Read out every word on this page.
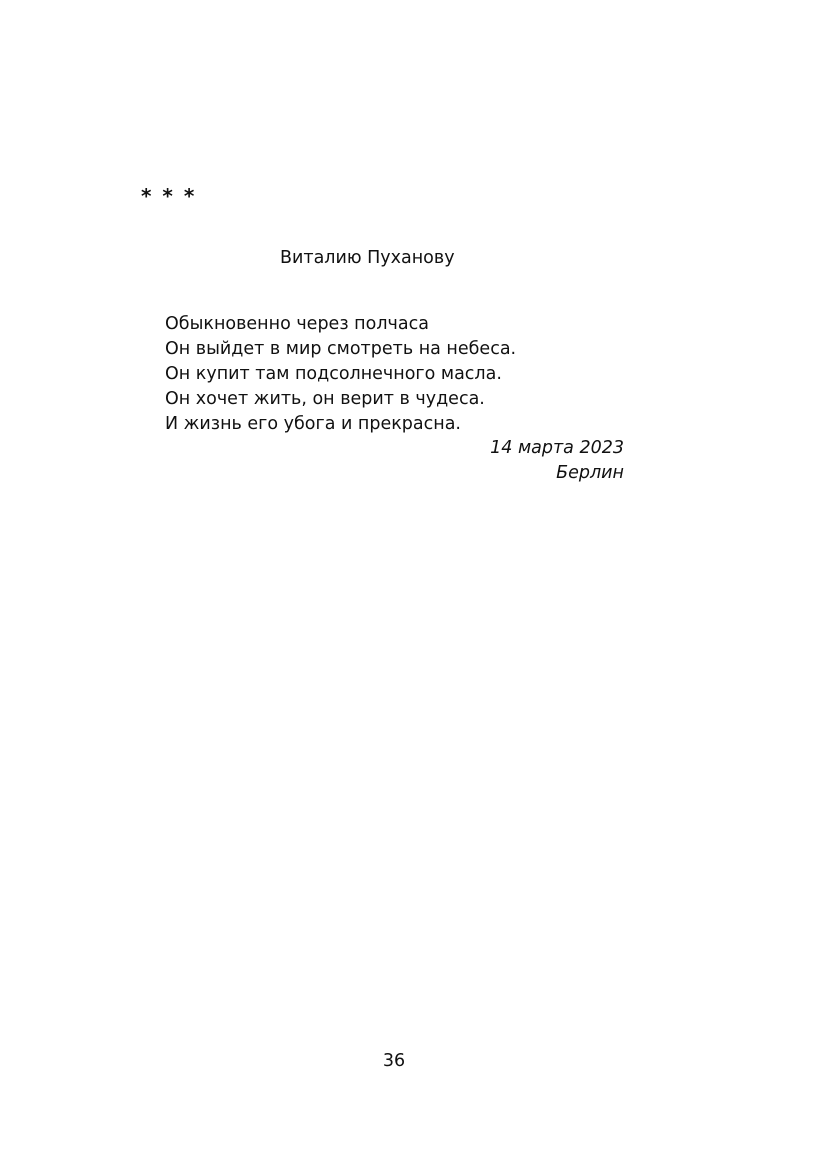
* * *
Виталию Пуханову
Обыкновенно через полчаса
Он выйдет в мир смотреть на небеса.
Он купит там подсолнечного масла.
Он хочет жить, он верит в чудеса.
И жизнь его убога и прекрасна.
14 марта 2023
Берлин
36
